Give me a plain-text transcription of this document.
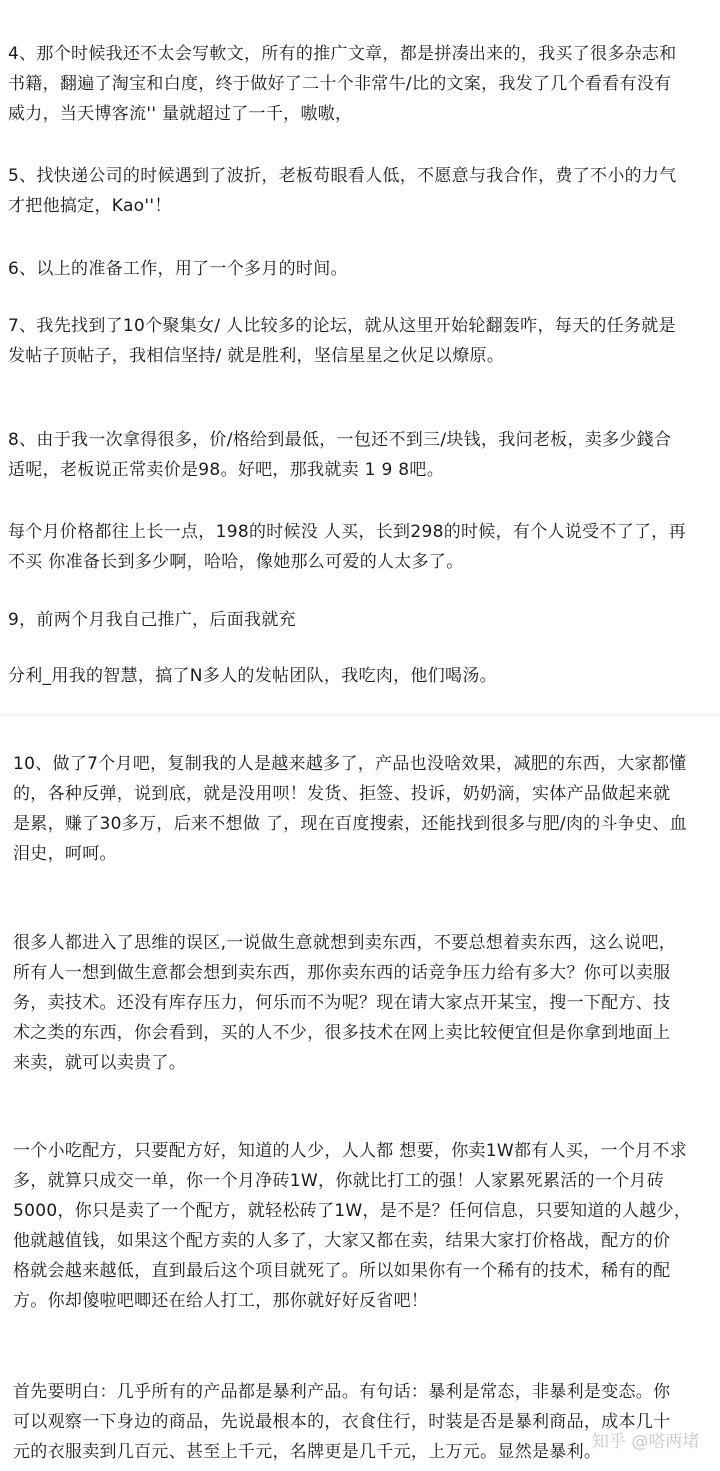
4、那个时候我还不太会写軟文，所有的推广文章，都是拼凑出来的，我买了很多杂志和
书籍，翻遍了淘宝和白度，终于做好了二十个非常牛/比的文案，我发了几个看看有没有
威力，当天博客流'' 量就超过了一千，嗷嗷，
5、找快递公司的时候遇到了波折，老板苟眼看人低，不愿意与我合作，费了不小的力气
才把他搞定，Kao''！
6、以上的准备工作，用了一个多月的时间。
7、我先找到了10个聚集女/ 人比较多的论坛，就从这里开始轮翻轰咋，每天的任务就是
发帖子顶帖子，我相信坚持/ 就是胜利，坚信星星之伙足以燎原。
8、由于我一次拿得很多，价/格给到最低，一包还不到三/块钱，我问老板，卖多少錢合
适呢，老板说正常卖价是98。好吧，那我就卖 1 9 8吧。
每个月价格都往上长一点，198的时候没 人买，长到298的时候，有个人说受不了了，再
不买 你准备长到多少啊，哈哈，像她那么可爱的人太多了。
9，前两个月我自己推广，后面我就充
分利_用我的智慧，搞了N多人的发帖团队，我吃肉，他们喝汤。
10、做了7个月吧，复制我的人是越来越多了，产品也没啥效果，减肥的东西，大家都懂
的，各种反弹，说到底，就是没用呗！发货、拒签、投诉，奶奶滴，实体产品做起来就
是累，赚了30多万，后来不想做 了，现在百度搜索，还能找到很多与肥/肉的斗争史、血
泪史，呵呵。
很多人都进入了思维的误区,一说做生意就想到卖东西，不要总想着卖东西，这么说吧，
所有人一想到做生意都会想到卖东西，那你卖东西的话竞争压力给有多大？你可以卖服
务，卖技术。还没有库存压力，何乐而不为呢？现在请大家点开某宝，搜一下配方、技
术之类的东西，你会看到，买的人不少，很多技术在网上卖比较便宜但是你拿到地面上
来卖，就可以卖贵了。
一个小吃配方，只要配方好，知道的人少，人人都 想要，你卖1W都有人买，一个月不求
多，就算只成交一单，你一个月净砖1W，你就比打工的强！人家累死累活的一个月砖
5000，你只是卖了一个配方，就轻松砖了1W，是不是？任何信息，只要知道的人越少，
他就越值钱，如果这个配方卖的人多了，大家又都在卖，结果大家打价格战，配方的价
格就会越来越低，直到最后这个项目就死了。所以如果你有一个稀有的技术，稀有的配
方。你却傻啦吧唧还在给人打工，那你就好好反省吧！
首先要明白：几乎所有的产品都是暴利产品。有句话：暴利是常态，非暴利是变态。你
可以观察一下身边的商品，先说最根本的，衣食住行，时装是否是暴利商品，成本几十
元的衣服卖到几百元、甚至上千元，名牌更是几千元，上万元。显然是暴利。
知乎 @嗒两堵
